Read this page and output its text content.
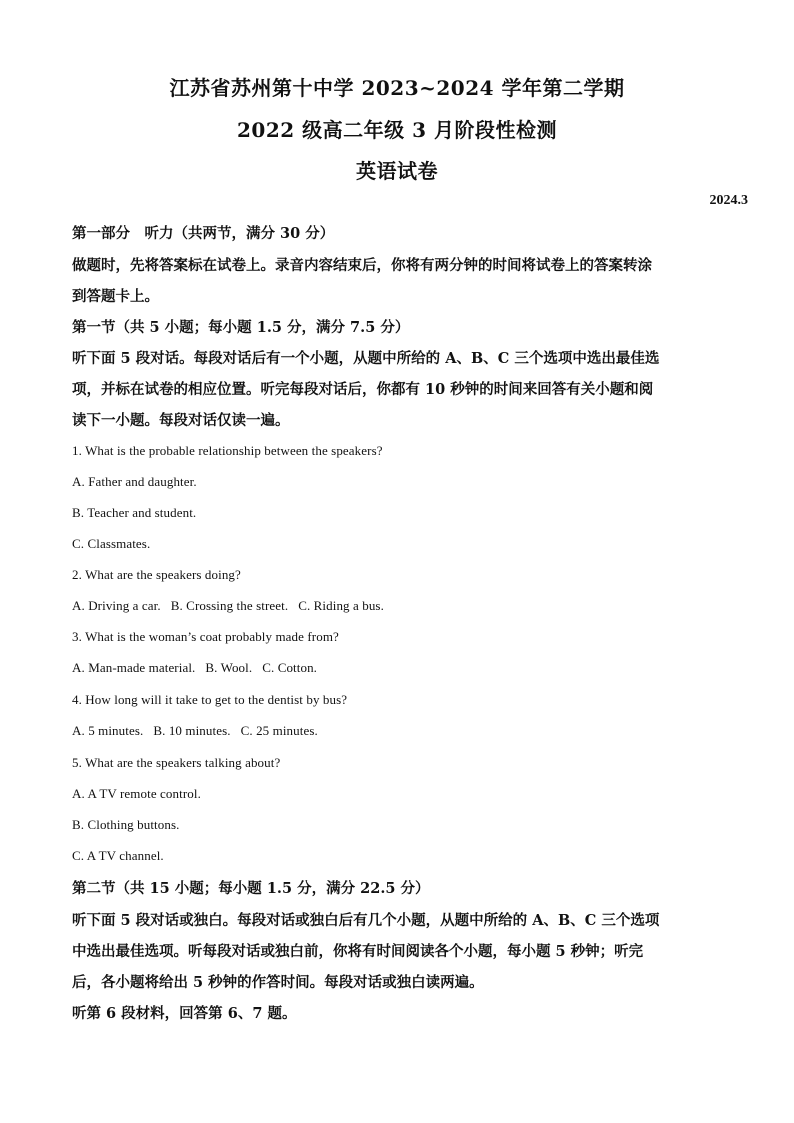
江苏省苏州第十中学 2023~2024 学年第二学期
2022 级高二年级 3 月阶段性检测
英语试卷
2024.3
第一部分　听力（共两节，满分 30 分）
做题时，先将答案标在试卷上。录音内容结束后，你将有两分钟的时间将试卷上的答案转涂
到答题卡上。
第一节（共 5 小题；每小题 1.5 分，满分 7.5 分）
听下面 5 段对话。每段对话后有一个小题，从题中所给的 A、B、C 三个选项中选出最佳选
项，并标在试卷的相应位置。听完每段对话后，你都有 10 秒钟的时间来回答有关小题和阅
读下一小题。每段对话仅读一遍。
1. What is the probable relationship between the speakers?
A. Father and daughter.
B. Teacher and student.
C. Classmates.
2. What are the speakers doing?
A. Driving a car. B. Crossing the street. C. Riding a bus.
3. What is the woman’s coat probably made from?
A. Man-made material. B. Wool. C. Cotton.
4. How long will it take to get to the dentist by bus?
A. 5 minutes. B. 10 minutes. C. 25 minutes.
5. What are the speakers talking about?
A. A TV remote control.
B. Clothing buttons.
C. A TV channel.
第二节（共 15 小题；每小题 1.5 分，满分 22.5 分）
听下面 5 段对话或独白。每段对话或独白后有几个小题，从题中所给的 A、B、C 三个选项
中选出最佳选项。听每段对话或独白前，你将有时间阅读各个小题，每小题 5 秒钟；听完
后，各小题将给出 5 秒钟的作答时间。每段对话或独白读两遍。
听第 6 段材料，回答第 6、7 题。
